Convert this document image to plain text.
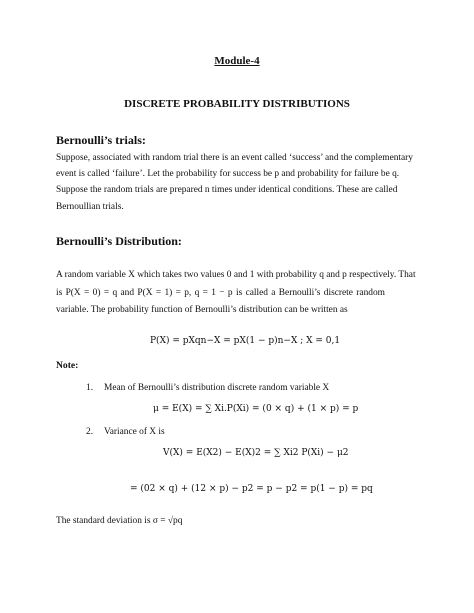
Module-4
DISCRETE PROBABILITY DISTRIBUTIONS
Bernoulli’s trials:
Suppose, associated with random trial there is an event called ‘success’ and the complementary
event is called ‘failure’. Let the probability for success be p and probability for failure be q.
Suppose the random trials are prepared n times under identical conditions. These are called
Bernoullian trials.
Bernoulli’s Distribution:
A random variable X which takes two values 0 and 1 with probability q and p respectively. That
is P(X = 0) = q and P(X = 1) = p, q = 1 − p is called a Bernoulli’s discrete random
variable. The probability function of Bernoulli’s distribution can be written as
P(X) = pXqn−X = pX(1 − p)n−X ; X = 0,1
Note:
1. Mean of Bernoulli’s distribution discrete random variable X
μ = E(X) = ∑ Xi.P(Xi) = (0 × q) + (1 × p) = p
2. Variance of X is
V(X) = E(X2) − E(X)2 = ∑ Xi2 P(Xi) − μ2
= (02 × q) + (12 × p) − p2 = p − p2 = p(1 − p) = pq
The standard deviation is σ = √pq
